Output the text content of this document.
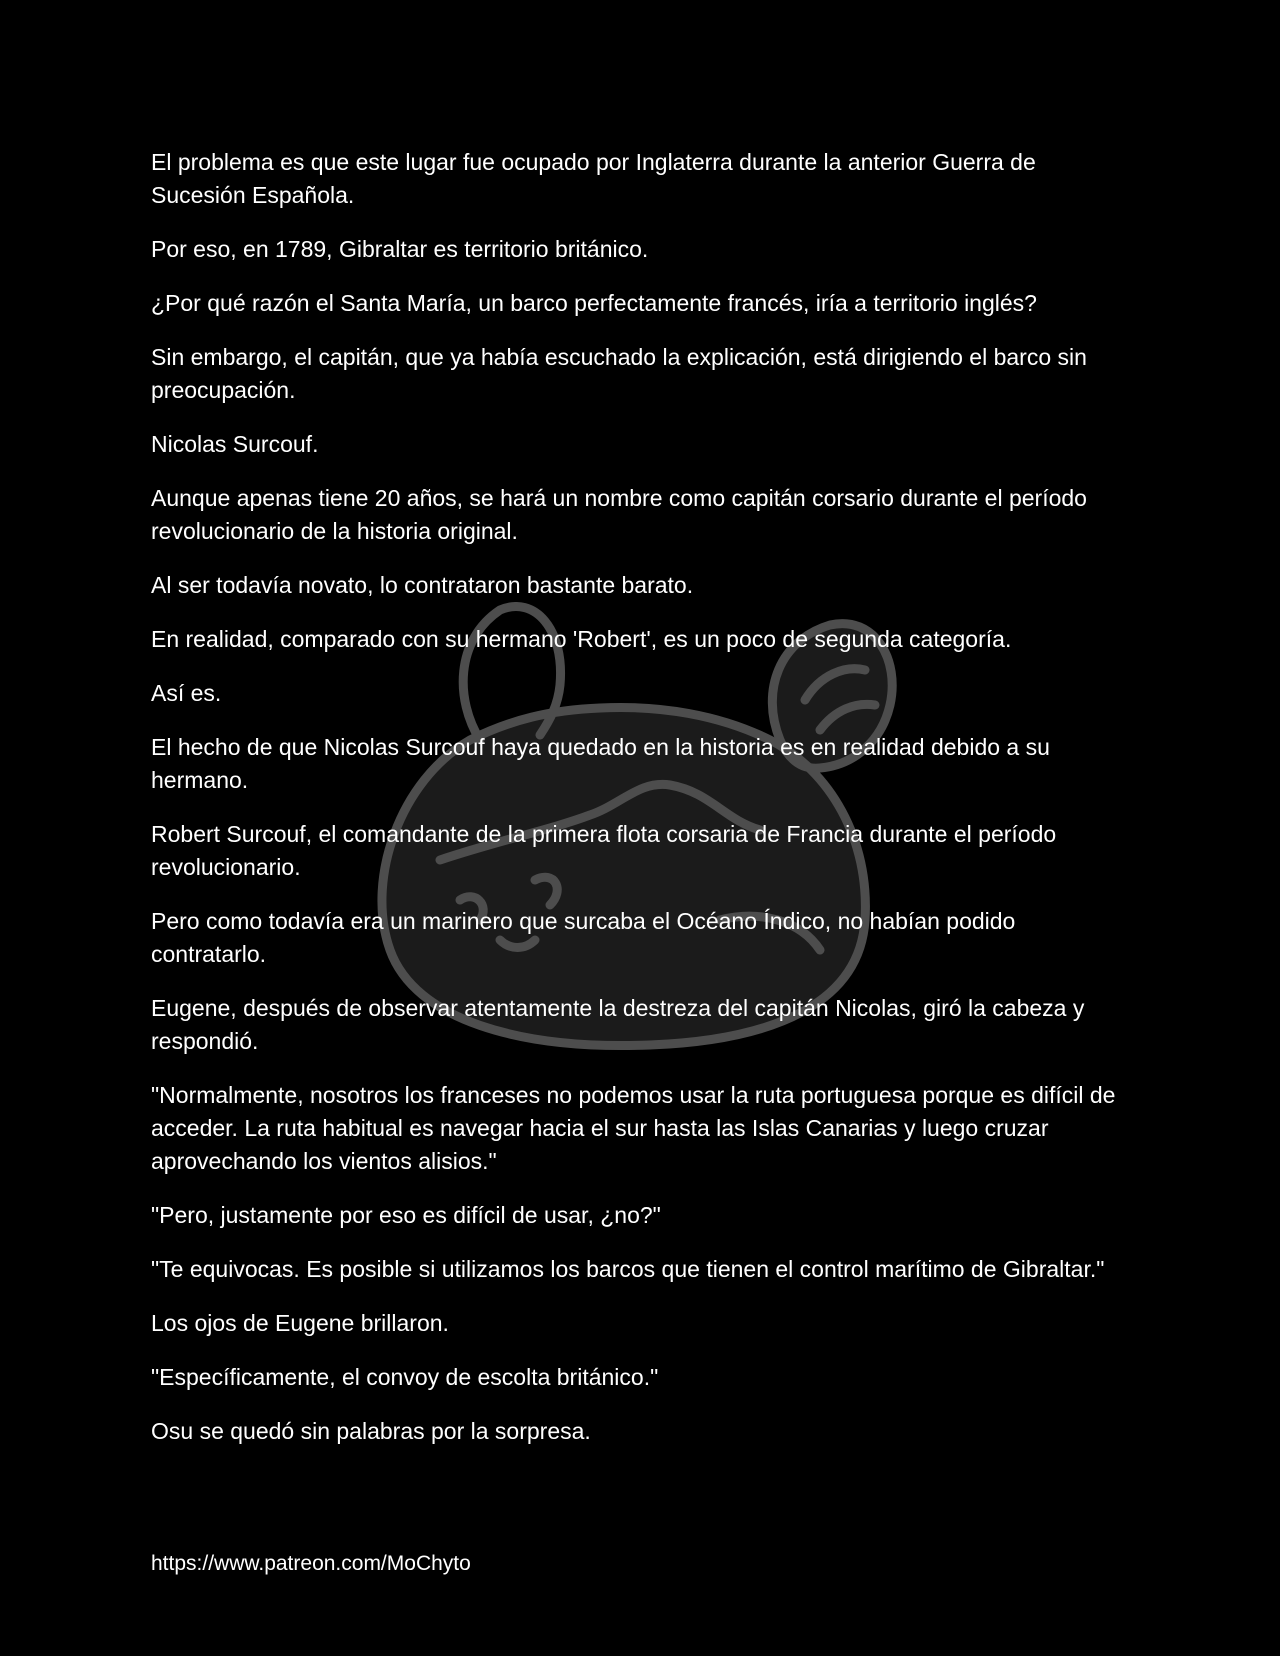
El problema es que este lugar fue ocupado por Inglaterra durante la anterior Guerra de Sucesión Española.

Por eso, en 1789, Gibraltar es territorio británico.

¿Por qué razón el Santa María, un barco perfectamente francés, iría a territorio inglés?

Sin embargo, el capitán, que ya había escuchado la explicación, está dirigiendo el barco sin preocupación.

Nicolas Surcouf.

Aunque apenas tiene 20 años, se hará un nombre como capitán corsario durante el período revolucionario de la historia original.

Al ser todavía novato, lo contrataron bastante barato.

En realidad, comparado con su hermano 'Robert', es un poco de segunda categoría.

Así es.

El hecho de que Nicolas Surcouf haya quedado en la historia es en realidad debido a su hermano.

Robert Surcouf, el comandante de la primera flota corsaria de Francia durante el período revolucionario.

Pero como todavía era un marinero que surcaba el Océano Índico, no habían podido contratarlo.

Eugene, después de observar atentamente la destreza del capitán Nicolas, giró la cabeza y respondió.

"Normalmente, nosotros los franceses no podemos usar la ruta portuguesa porque es difícil de acceder. La ruta habitual es navegar hacia el sur hasta las Islas Canarias y luego cruzar aprovechando los vientos alisios."

"Pero, justamente por eso es difícil de usar, ¿no?"

"Te equivocas. Es posible si utilizamos los barcos que tienen el control marítimo de Gibraltar."

Los ojos de Eugene brillaron.

"Específicamente, el convoy de escolta británico."

Osu se quedó sin palabras por la sorpresa.

https://www.patreon.com/MoChyto
